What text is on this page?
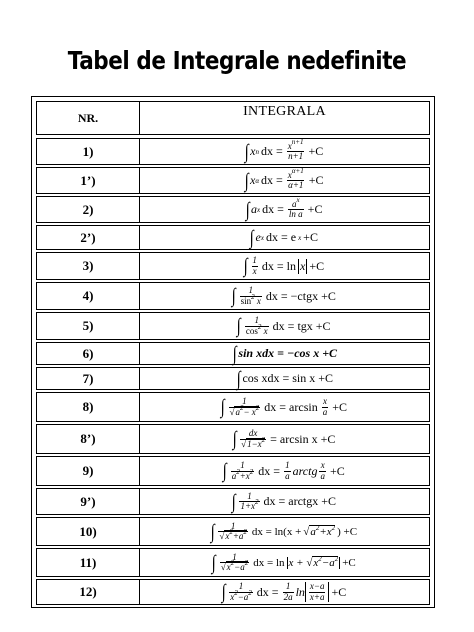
Tabel de Integrale nedefinite
NR.	INTEGRALA
1)	∫ x n dx = $\frac{x^{n+1}}{n+1} +C$
1’)	∫ x α dx = $\frac{x^{\alpha+1}}{\alpha+1} +C$
2)	∫ a x dx = $\frac{a^x}{\text{ln a}} +C$
2’)	∫ e x dx = e x +C
3)	∫ $\frac{1}{x}$ dx = ln x +C
4)	∫ $\frac{1}{\sin^2 x}$ dx = −ctgx +C
5)	∫ $\frac{1}{\cos^2 x}$ dx = tgx +C
6)	∫ sin xdx = −cos x +C
7)	∫ cos xdx = sin x +C
8)	∫ $\frac{1}{√a^2- x^2}$ dx = $\arcsin \frac{x}{a} +C$
8’)	∫ $\frac{dx}{√1-x^2} = \arcsin x +C$
9)	∫ $\frac{1}{a^2+x^2}$ dx = $\frac{1}{a}$ arctg $\frac{x}{a} +C$
9’)	∫ $\frac{1}{1+x^2}$ dx = arctgx +C
10)	∫ $\frac{1}{√x^2+a^2}$ dx = ln(x + √ $a^2+x^2$ ) +C
11)	∫ $\frac{1}{√x^2-a^2}$ dx = $\ln x + √x^2-a^2 +C$
12)	∫ $\frac{1}{x^2-a^2}$ dx = $\frac{1}{2a}$ $\ln \frac{x-a}{x+a} +C$
